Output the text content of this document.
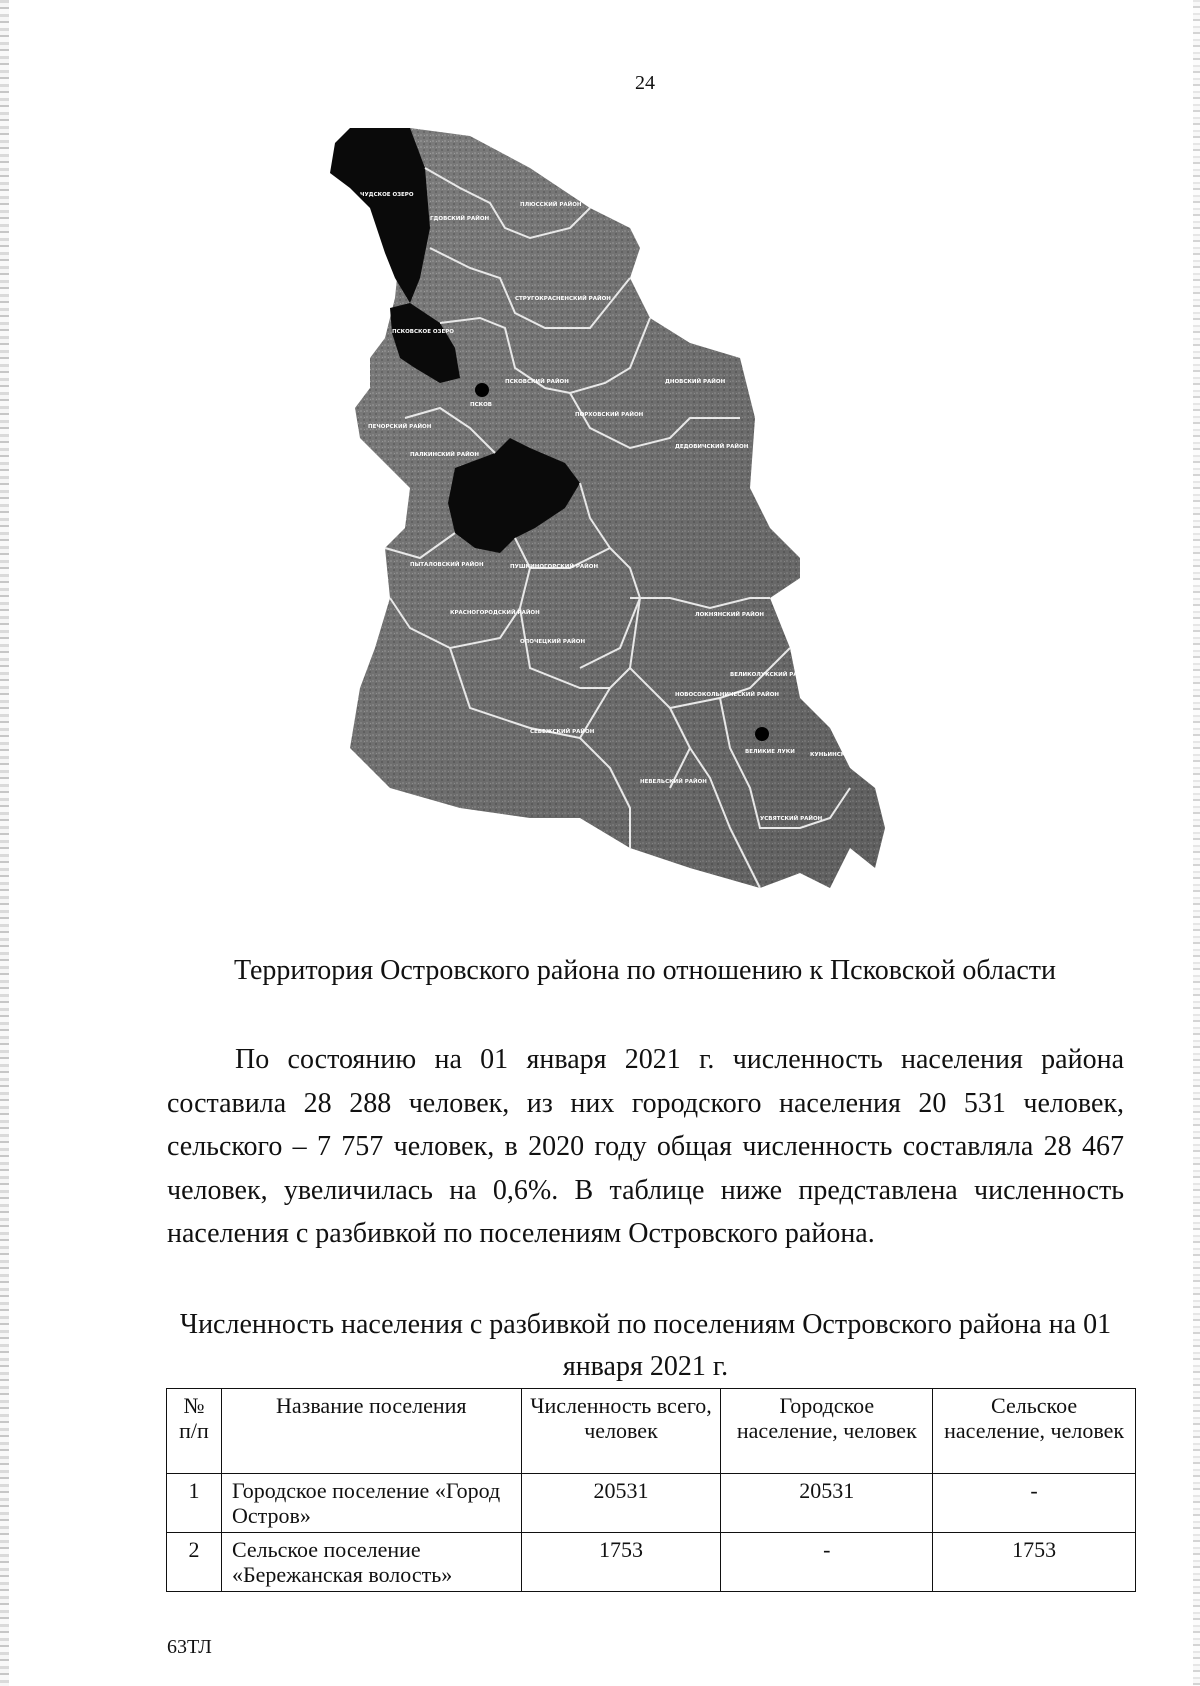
24
ЧУДСКОЕ ОЗЕРО
ГДОВСКИЙ РАЙОН
ПЛЮССКИЙ РАЙОН
СТРУГОКРАСНЕНСКИЙ РАЙОН
ПСКОВСКОЕ ОЗЕРО
ПСКОВСКИЙ РАЙОН
ПСКОВ
ДНОВСКИЙ РАЙОН
ПОРХОВСКИЙ РАЙОН
ПЕЧОРСКИЙ РАЙОН
ПАЛКИНСКИЙ РАЙОН
ДЕДОВИЧСКИЙ РАЙОН
ПЫТАЛОВСКИЙ РАЙОН	ПУШКИНОГОРСКИЙ РАЙОН
КРАСНОГОРОДСКИЙ РАЙОН
ОПОЧЕЦКИЙ РАЙОН
ЛОКНЯНСКИЙ РАЙОН
ВЕЛИКОЛУКСКИЙ РАЙОН
НОВОСОКОЛЬНИЧЕСКИЙ РАЙОН
ВЕЛИКИЕ ЛУКИ	КУНЬИНСКИЙ РАЙОН
СЕБЕЖСКИЙ РАЙОН
НЕВЕЛЬСКИЙ РАЙОН
УСВЯТСКИЙ РАЙОН
Территория Островского района по отношению к Псковской области
По состоянию на 01 января 2021 г. численность населения района составила 28 288 человек, из них городского населения 20 531 человек, сельского – 7 757 человек, в 2020 году общая численность составляла 28 467 человек, увеличилась на 0,6%. В таблице ниже представлена численность населения с разбивкой по поселениям Островского района.
Численность населения с разбивкой по поселениям Островского района на 01 января 2021 г.
№ п/п	Название поселения	Численность всего, человек	Городское население, человек	Сельское население, человек
1	Городское поселение «Город Остров»	20531	20531	-
2	Сельское поселение «Бережанская волость»	1753	-	1753
63ТЛ
